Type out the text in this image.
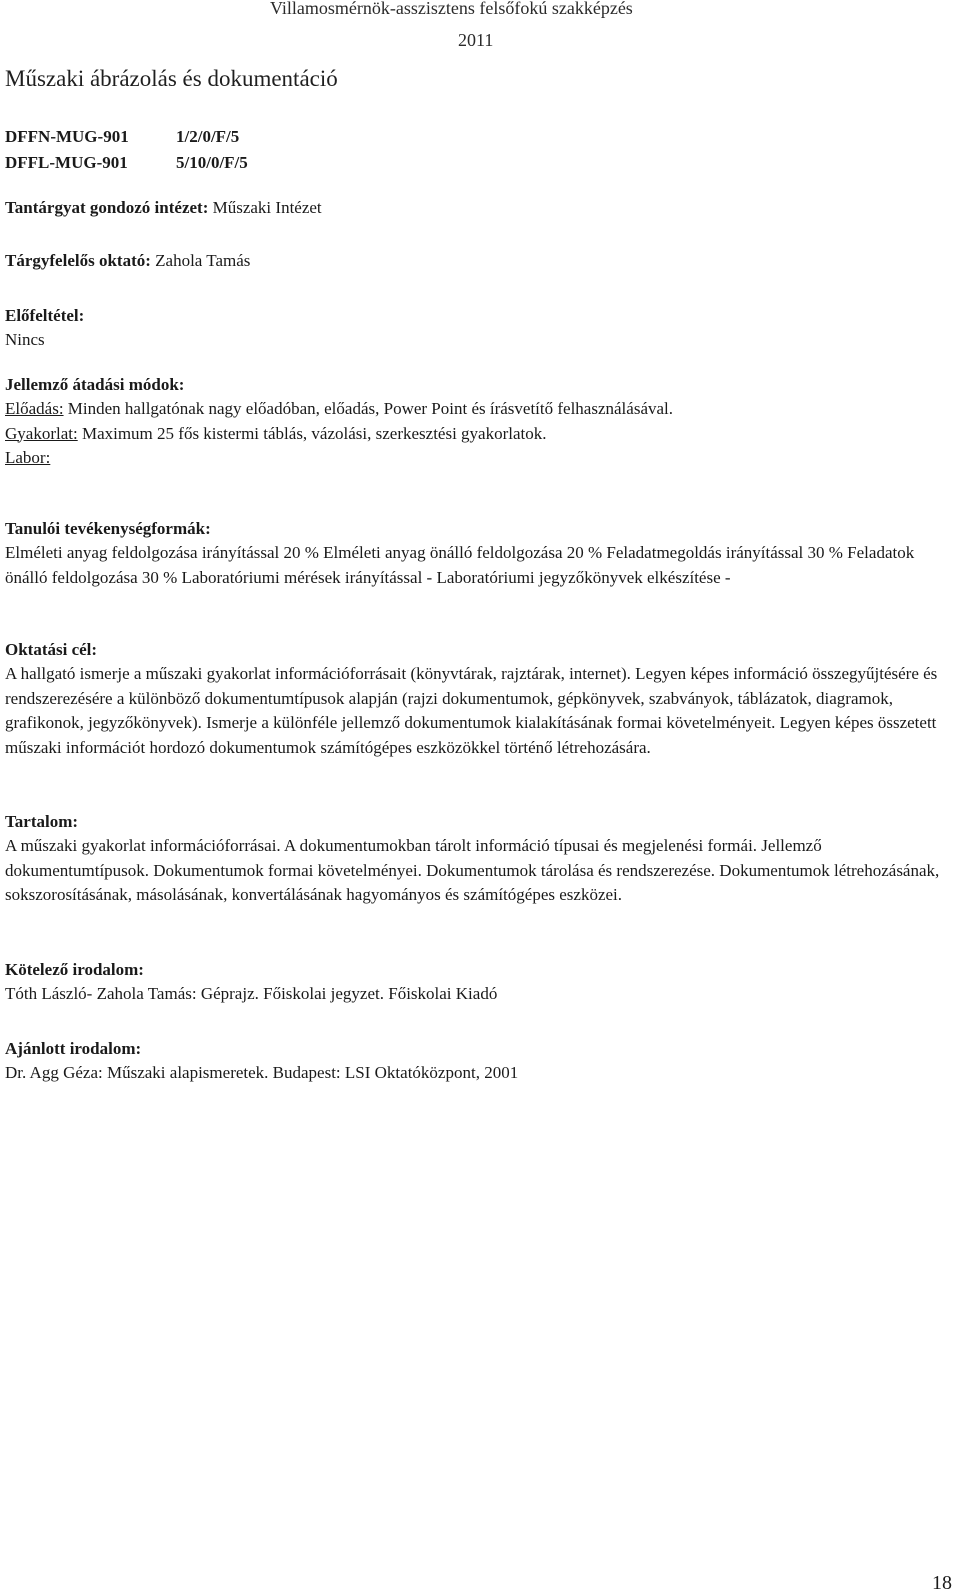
Villamosmérnök-asszisztens felsőfokú szakképzés
2011
Műszaki ábrázolás és dokumentáció
DFFN-MUG-901	1/2/0/F/5
DFFL-MUG-901	5/10/0/F/5
Tantárgyat gondozó intézet: Műszaki Intézet
Tárgyfelelős oktató: Zahola Tamás
Előfeltétel:
Nincs
Jellemző átadási módok:
Előadás: Minden hallgatónak nagy előadóban, előadás, Power Point és írásvetítő felhasználásával.
Gyakorlat: Maximum 25 fős kistermi táblás, vázolási, szerkesztési gyakorlatok.
Labor:
Tanulói tevékenységformák:
Elméleti anyag feldolgozása irányítással 20 % Elméleti anyag önálló feldolgozása 20 % Feladatmegoldás irányítással 30 % Feladatok önálló feldolgozása 30 % Laboratóriumi mérések irányítással - Laboratóriumi jegyzőkönyvek elkészítése -
Oktatási cél:
A hallgató ismerje a műszaki gyakorlat információforrásait (könyvtárak, rajztárak, internet). Legyen képes információ összegyűjtésére és rendszerezésére a különböző dokumentumtípusok alapján (rajzi dokumentumok, gépkönyvek, szabványok, táblázatok, diagramok, grafikonok, jegyzőkönyvek). Ismerje a különféle jellemző dokumentumok kialakításának formai követelményeit. Legyen képes összetett műszaki információt hordozó dokumentumok számítógépes eszközökkel történő létrehozására.
Tartalom:
A műszaki gyakorlat információforrásai. A dokumentumokban tárolt információ típusai és megjelenési formái. Jellemző dokumentumtípusok. Dokumentumok formai követelményei. Dokumentumok tárolása és rendszerezése. Dokumentumok létrehozásának, sokszorosításának, másolásának, konvertálásának hagyományos és számítógépes eszközei.
Kötelező irodalom:
Tóth László- Zahola Tamás: Géprajz. Főiskolai jegyzet. Főiskolai Kiadó
Ajánlott irodalom:
Dr. Agg Géza: Műszaki alapismeretek. Budapest: LSI Oktatóközpont, 2001
18
